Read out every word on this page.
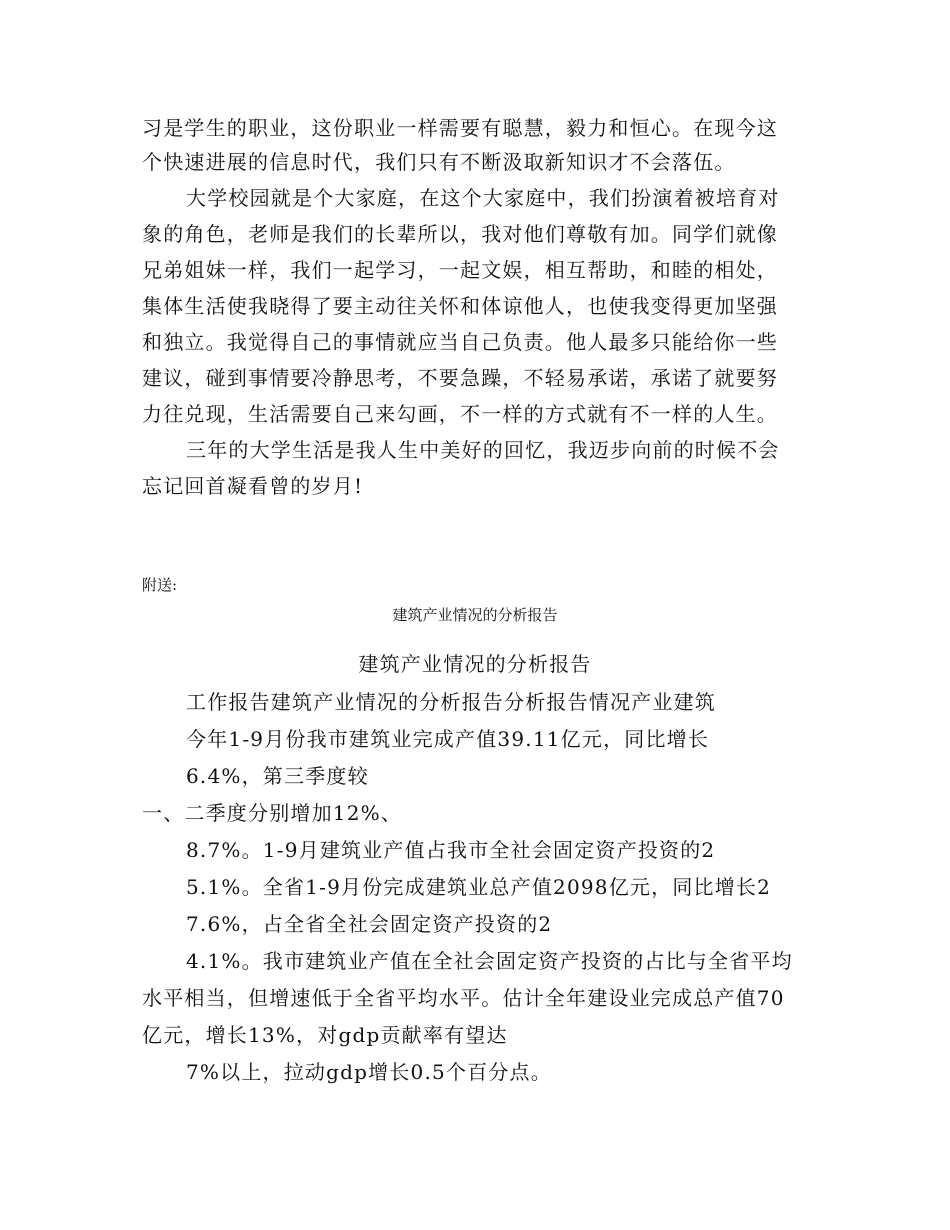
习是学生的职业，这份职业一样需要有聪慧，毅力和恒心。在现今这
个快速进展的信息时代，我们只有不断汲取新知识才不会落伍。
大学校园就是个大家庭，在这个大家庭中，我们扮演着被培育对
象的角色，老师是我们的长辈所以，我对他们尊敬有加。同学们就像
兄弟姐妹一样，我们一起学习，一起文娱，相互帮助，和睦的相处，
集体生活使我晓得了要主动往关怀和体谅他人，也使我变得更加坚强
和独立。我觉得自己的事情就应当自己负责。他人最多只能给你一些
建议，碰到事情要冷静思考，不要急躁，不轻易承诺，承诺了就要努
力往兑现，生活需要自己来勾画，不一样的方式就有不一样的人生。
三年的大学生活是我人生中美好的回忆，我迈步向前的时候不会
忘记回首凝看曾的岁月!
附送:
建筑产业情况的分析报告
建筑产业情况的分析报告
工作报告建筑产业情况的分析报告分析报告情况产业建筑
今年1-9月份我市建筑业完成产值39.11亿元，同比增长
6.4%，第三季度较
一、二季度分别增加12%、
8.7%。1-9月建筑业产值占我市全社会固定资产投资的2
5.1%。全省1-9月份完成建筑业总产值2098亿元，同比增长2
7.6%，占全省全社会固定资产投资的2
4.1%。我市建筑业产值在全社会固定资产投资的占比与全省平均
水平相当，但增速低于全省平均水平。估计全年建设业完成总产值70
亿元，增长13%，对gdp贡献率有望达
7%以上，拉动gdp增长0.5个百分点。
